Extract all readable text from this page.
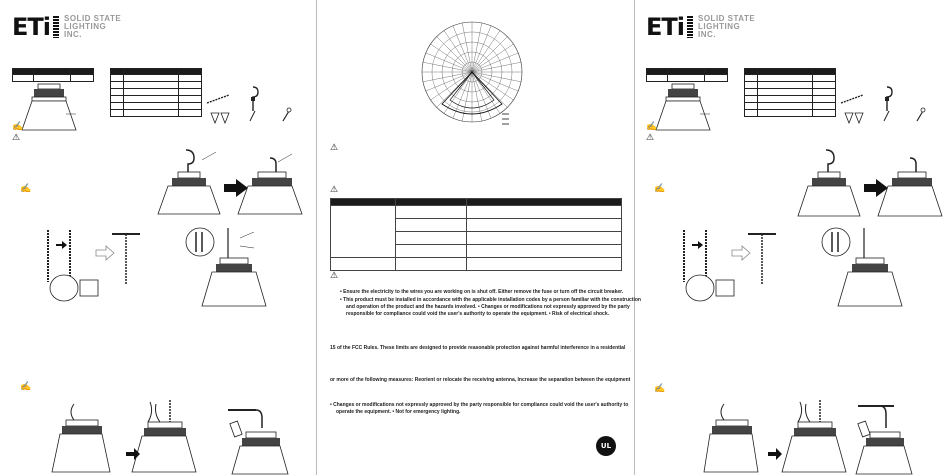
ETi SOLID STATE
LIGHTING
INC.

✍
⚠
✍
✍
⚠
⚠

⚠
• Ensure the electricity to the wires you are working on is shut off. Either remove the fuse or turn off the circuit breaker.
• This product must be installed in accordance with the applicable installation codes by a person familiar with the construction
and operation of the product and the hazards involved. • Changes or modifications not expressly approved by the party
responsible for compliance could void the user's authority to operate the equipment. • Risk of electrical shock.
15 of the FCC Rules. These limits are designed to provide reasonable protection against harmful interference in a residential
or more of the following measures: Reorient or relocate the receiving antenna, Increase the separation between the equipment
• Changes or modifications not expressly approved by the party responsible for compliance could void the user's authority to
operate the equipment. • Not for emergency lighting.
UL
ETi SOLID STATE
LIGHTING
INC.

✍
⚠
✍
✍
